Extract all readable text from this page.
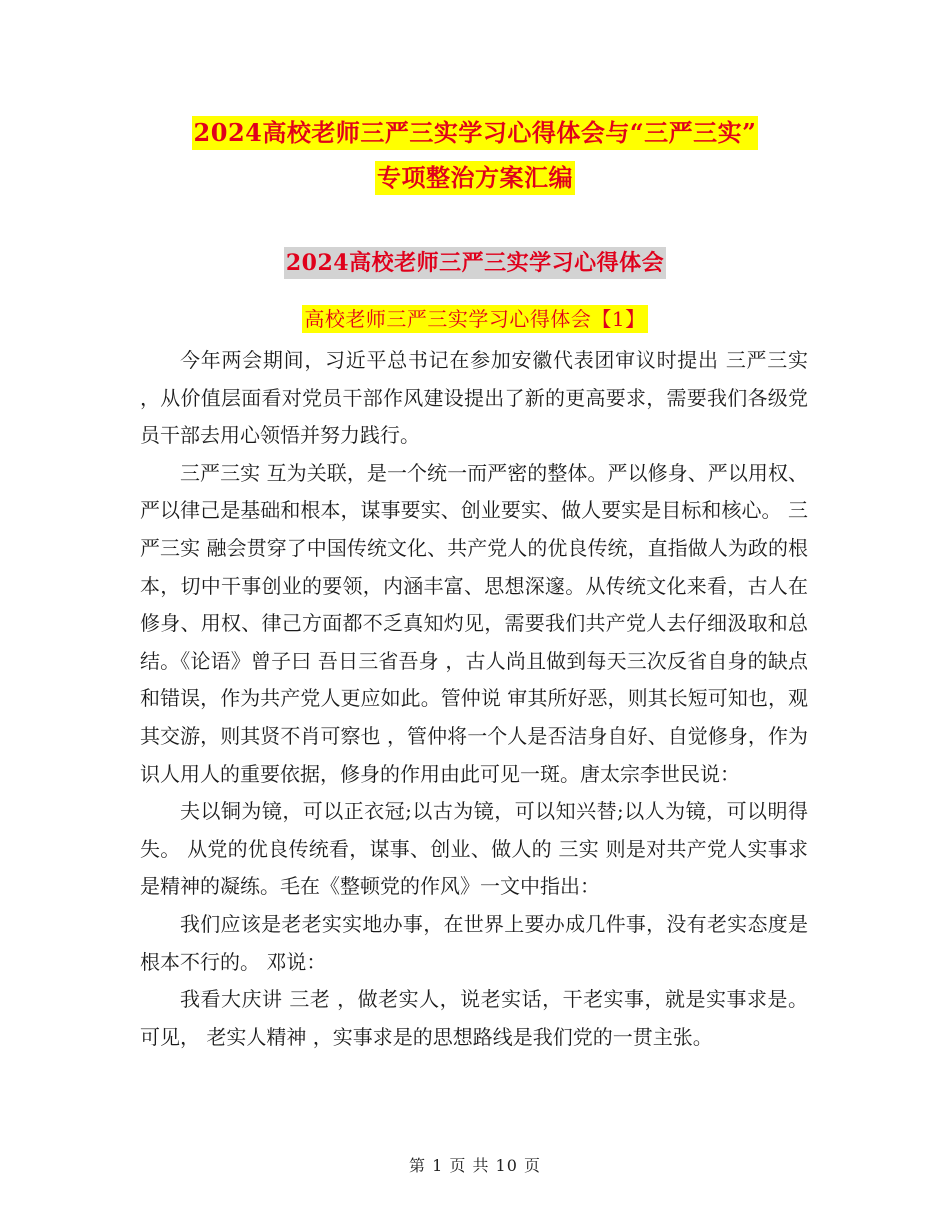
2024高校老师三严三实学习心得体会与“三严三实”
专项整治方案汇编
2024高校老师三严三实学习心得体会
高校老师三严三实学习心得体会【1】

今年两会期间，习近平总书记在参加安徽代表团审议时提出 三严三实 ，从价值层面看对党员干部作风建设提出了新的更高要求，需要我们各级党员干部去用心领悟并努力践行。

三严三实 互为关联，是一个统一而严密的整体。严以修身、严以用权、严以律己是基础和根本，谋事要实、创业要实、做人要实是目标和核心。 三严三实 融会贯穿了中国传统文化、共产党人的优良传统，直指做人为政的根本，切中干事创业的要领，内涵丰富、思想深邃。从传统文化来看，古人在修身、用权、律己方面都不乏真知灼见，需要我们共产党人去仔细汲取和总结。《论语》曾子曰 吾日三省吾身 ，古人尚且做到每天三次反省自身的缺点和错误，作为共产党人更应如此。管仲说 审其所好恶，则其长短可知也，观其交游，则其贤不肖可察也 ，管仲将一个人是否洁身自好、自觉修身，作为识人用人的重要依据，修身的作用由此可见一斑。唐太宗李世民说：

夫以铜为镜，可以正衣冠;以古为镜，可以知兴替;以人为镜，可以明得失。 从党的优良传统看，谋事、创业、做人的 三实 则是对共产党人实事求是精神的凝练。毛在《整顿党的作风》一文中指出：

我们应该是老老实实地办事，在世界上要办成几件事，没有老实态度是根本不行的。 邓说：

我看大庆讲 三老 ，做老实人，说老实话，干老实事，就是实事求是。 可见， 老实人精神 ，实事求是的思想路线是我们党的一贯主张。

第 1 页 共 10 页
